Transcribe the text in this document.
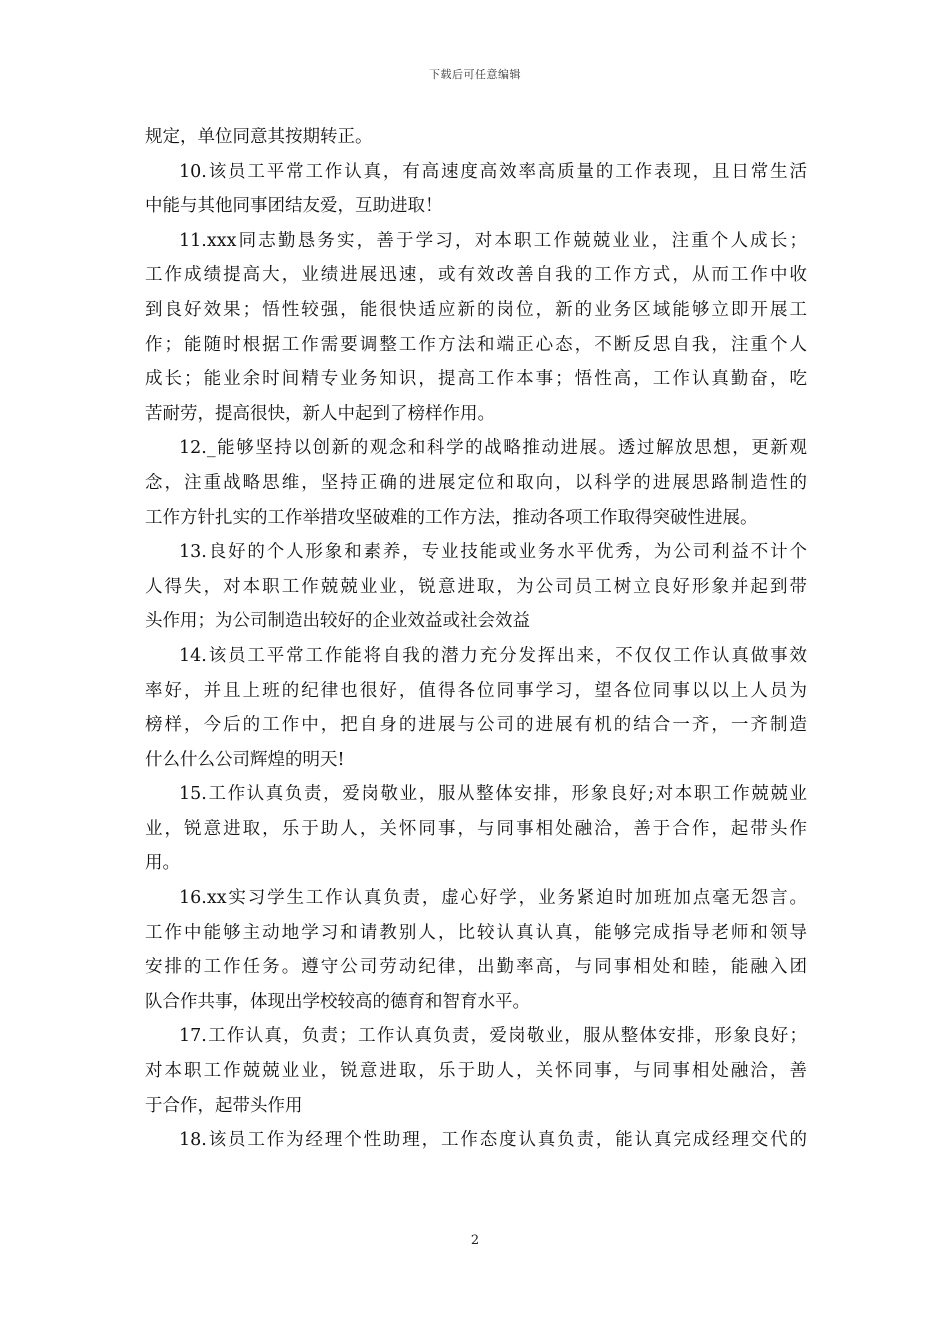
下载后可任意编辑
规定，单位同意其按期转正。
10.该员工平常工作认真，有高速度高效率高质量的工作表现，且日常生活
中能与其他同事团结友爱，互助进取！
11.xxx同志勤恳务实，善于学习，对本职工作兢兢业业，注重个人成长；
工作成绩提高大，业绩进展迅速，或有效改善自我的工作方式，从而工作中收
到良好效果；悟性较强，能很快适应新的岗位，新的业务区域能够立即开展工
作；能随时根据工作需要调整工作方法和端正心态，不断反思自我，注重个人
成长；能业余时间精专业务知识，提高工作本事；悟性高，工作认真勤奋，吃
苦耐劳，提高很快，新人中起到了榜样作用。
12._能够坚持以创新的观念和科学的战略推动进展。透过解放思想，更新观
念，注重战略思维，坚持正确的进展定位和取向，以科学的进展思路制造性的
工作方针扎实的工作举措攻坚破难的工作方法，推动各项工作取得突破性进展。
13.良好的个人形象和素养，专业技能或业务水平优秀，为公司利益不计个
人得失，对本职工作兢兢业业，锐意进取，为公司员工树立良好形象并起到带
头作用；为公司制造出较好的企业效益或社会效益
14.该员工平常工作能将自我的潜力充分发挥出来，不仅仅工作认真做事效
率好，并且上班的纪律也很好，值得各位同事学习，望各位同事以以上人员为
榜样，今后的工作中，把自身的进展与公司的进展有机的结合一齐，一齐制造
什么什么公司辉煌的明天!
15.工作认真负责，爱岗敬业，服从整体安排，形象良好;对本职工作兢兢业
业，锐意进取，乐于助人，关怀同事，与同事相处融洽，善于合作，起带头作
用。
16.xx实习学生工作认真负责，虚心好学，业务紧迫时加班加点毫无怨言。
工作中能够主动地学习和请教别人，比较认真认真，能够完成指导老师和领导
安排的工作任务。遵守公司劳动纪律，出勤率高，与同事相处和睦，能融入团
队合作共事，体现出学校较高的德育和智育水平。
17.工作认真，负责；工作认真负责，爱岗敬业，服从整体安排，形象良好；
对本职工作兢兢业业，锐意进取，乐于助人，关怀同事，与同事相处融洽，善
于合作，起带头作用
18.该员工作为经理个性助理，工作态度认真负责，能认真完成经理交代的
2
